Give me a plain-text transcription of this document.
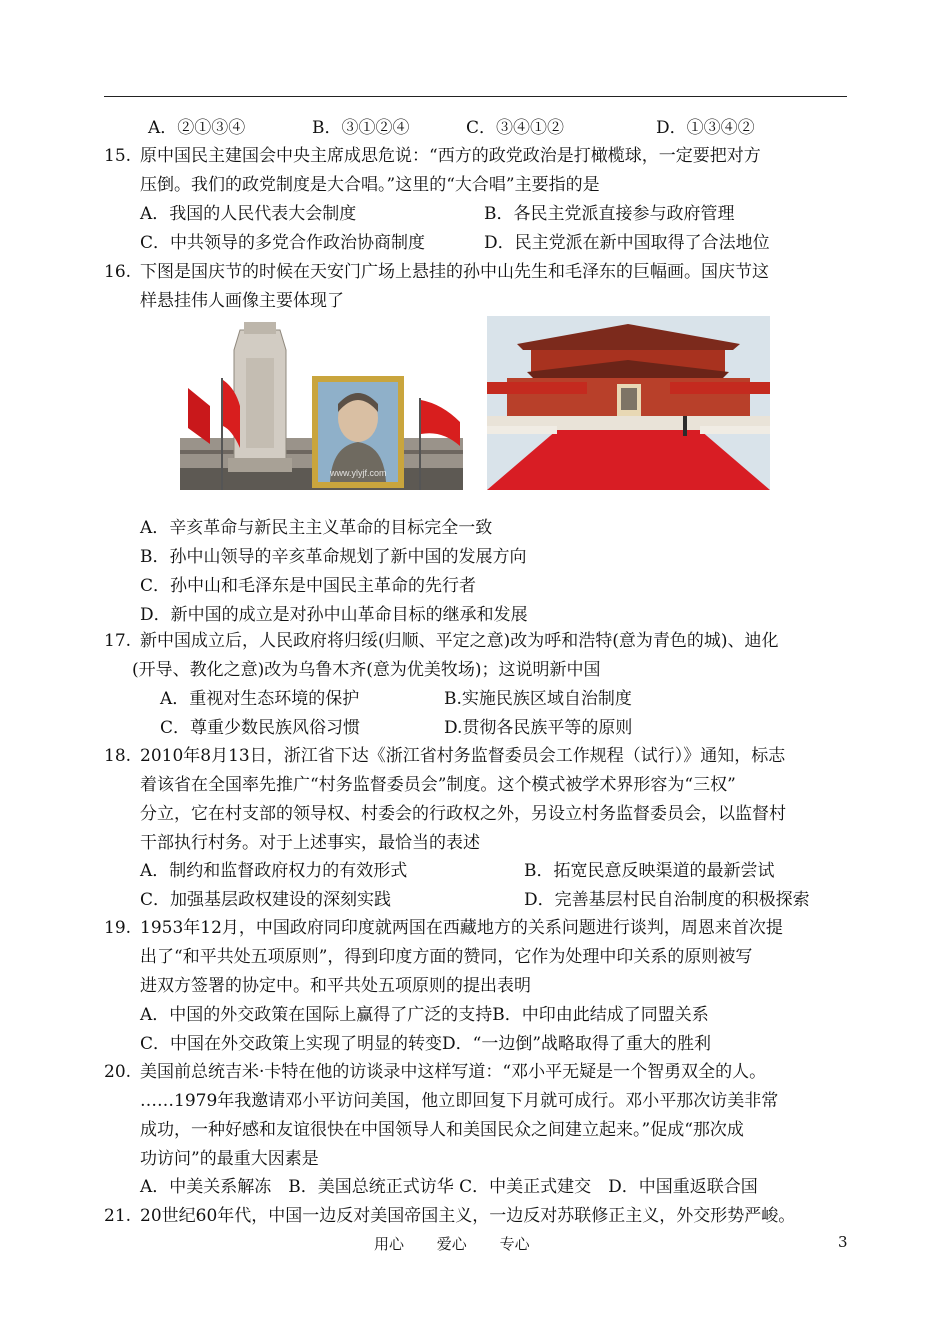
A．②①③④	B．③①②④	C．③④①②	D．①③④②
15. 原中国民主建国会中央主席成思危说：“西方的政党政治是打橄榄球，一定要把对方
压倒。我们的政党制度是大合唱。”这里的“大合唱”主要指的是
A．我国的人民代表大会制度	B．各民主党派直接参与政府管理
C．中共领导的多党合作政治协商制度	D．民主党派在新中国取得了合法地位
16. 下图是国庆节的时候在天安门广场上悬挂的孙中山先生和毛泽东的巨幅画。国庆节这
样悬挂伟人画像主要体现了
www.ylyjf.com
A．辛亥革命与新民主主义革命的目标完全一致
B．孙中山领导的辛亥革命规划了新中国的发展方向
C．孙中山和毛泽东是中国民主革命的先行者
D．新中国的成立是对孙中山革命目标的继承和发展
17. 新中国成立后，人民政府将归绥(归顺、平定之意)改为呼和浩特(意为青色的城)、迪化
(开导、教化之意)改为乌鲁木齐(意为优美牧场)；这说明新中国
A．重视对生态环境的保护	B.实施民族区域自治制度
C．尊重少数民族风俗习惯	D.贯彻各民族平等的原则
18. 2010年8月13日，浙江省下达《浙江省村务监督委员会工作规程（试行）》通知，标志
着该省在全国率先推广“村务监督委员会”制度。这个模式被学术界形容为“三权”
分立，它在村支部的领导权、村委会的行政权之外，另设立村务监督委员会，以监督村
干部执行村务。对于上述事实，最恰当的表述
A．制约和监督政府权力的有效形式	B．拓宽民意反映渠道的最新尝试
C．加强基层政权建设的深刻实践	D．完善基层村民自治制度的积极探索
19. 1953年12月，中国政府同印度就两国在西藏地方的关系问题进行谈判，周恩来首次提
出了“和平共处五项原则”，得到印度方面的赞同，它作为处理中印关系的原则被写
进双方签署的协定中。和平共处五项原则的提出表明
A．中国的外交政策在国际上赢得了广泛的支持B．中印由此结成了同盟关系
C．中国在外交政策上实现了明显的转变D．“一边倒”战略取得了重大的胜利
20. 美国前总统吉米·卡特在他的访谈录中这样写道：“邓小平无疑是一个智勇双全的人。
……1979年我邀请邓小平访问美国，他立即回复下月就可成行。邓小平那次访美非常
成功，一种好感和友谊很快在中国领导人和美国民众之间建立起来。”促成“那次成
功访问”的最重大因素是
A．中美关系解冻　B．美国总统正式访华 C．中美正式建交　D．中国重返联合国
21. 20世纪60年代，中国一边反对美国帝国主义，一边反对苏联修正主义，外交形势严峻。
用心 爱心 专心	3
